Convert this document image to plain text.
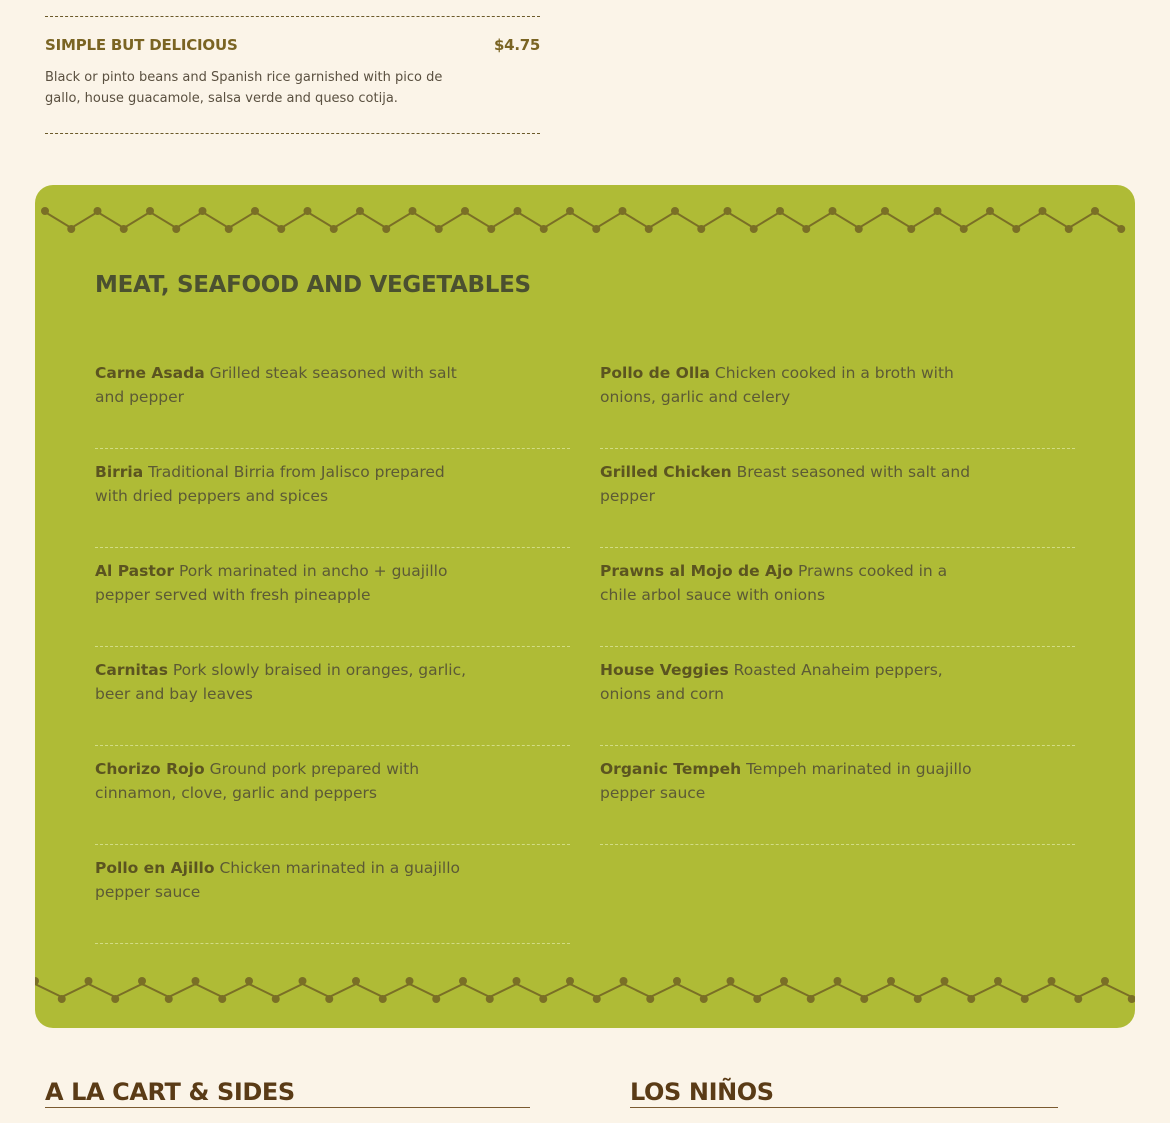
SIMPLE BUT DELICIOUS	$4.75
Black or pinto beans and Spanish rice garnished with pico de gallo, house guacamole, salsa verde and queso cotija.
MEAT, SEAFOOD AND VEGETABLES

Carne Asada Grilled steak seasoned with salt and pepper

Birria Traditional Birria from Jalisco prepared with dried peppers and spices

Al Pastor Pork marinated in ancho + guajillo pepper served with fresh pineapple

Carnitas Pork slowly braised in oranges, garlic, beer and bay leaves

Chorizo Rojo Ground pork prepared with cinnamon, clove, garlic and peppers

Pollo en Ajillo Chicken marinated in a guajillo pepper sauce

Pollo de Olla Chicken cooked in a broth with onions, garlic and celery

Grilled Chicken Breast seasoned with salt and pepper

Prawns al Mojo de Ajo Prawns cooked in a chile arbol sauce with onions

House Veggies Roasted Anaheim peppers, onions and corn

Organic Tempeh Tempeh marinated in guajillo pepper sauce

A LA CART & SIDES	LOS NIÑOS
